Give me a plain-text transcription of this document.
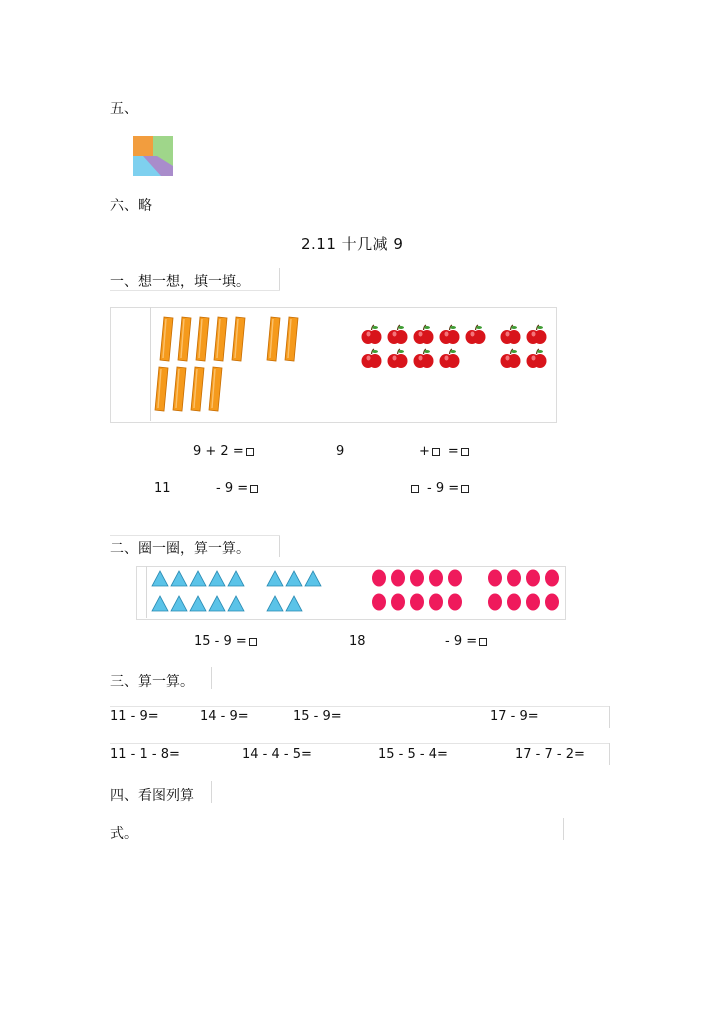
五、
六、略
2.11 十几减 9
一、想一想，填一填。
9 + 2 =	9	+ =
11	- 9 =	- 9 =
二、圈一圈，算一算。
15 - 9 =	18	- 9 =
三、算一算。
11 - 9=	14 - 9=	15 - 9=	17 - 9=
11 - 1 - 8=	14 - 4 - 5=	15 - 5 - 4=	17 - 7 - 2=
四、看图列算
式。
